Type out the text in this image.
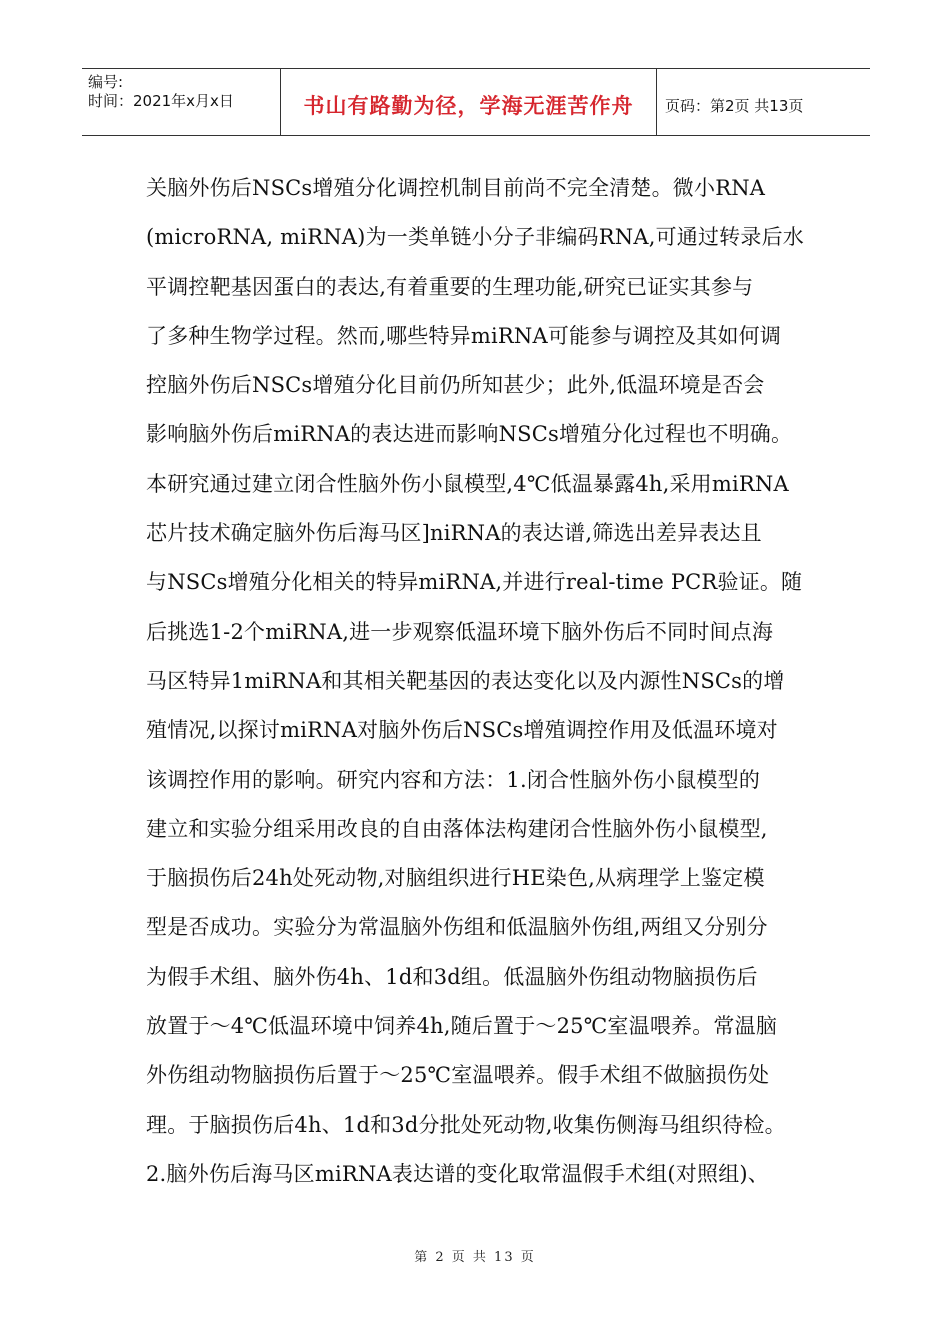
编号:
时间：2021年x月x日	书山有路勤为径，学海无涯苦作舟	页码：第2页 共13页
关脑外伤后NSCs增殖分化调控机制目前尚不完全清楚。微小RNA
(microRNA, miRNA)为一类单链小分子非编码RNA,可通过转录后水
平调控靶基因蛋白的表达,有着重要的生理功能,研究已证实其参与
了多种生物学过程。然而,哪些特异miRNA可能参与调控及其如何调
控脑外伤后NSCs增殖分化目前仍所知甚少；此外,低温环境是否会
影响脑外伤后miRNA的表达进而影响NSCs增殖分化过程也不明确。
本研究通过建立闭合性脑外伤小鼠模型,4℃低温暴露4h,采用miRNA
芯片技术确定脑外伤后海马区]niRNA的表达谱,筛选出差异表达且
与NSCs增殖分化相关的特异miRNA,并进行real-time PCR验证。随
后挑选1-2个miRNA,进一步观察低温环境下脑外伤后不同时间点海
马区特异1miRNA和其相关靶基因的表达变化以及内源性NSCs的增
殖情况,以探讨miRNA对脑外伤后NSCs增殖调控作用及低温环境对
该调控作用的影响。研究内容和方法：1.闭合性脑外伤小鼠模型的
建立和实验分组采用改良的自由落体法构建闭合性脑外伤小鼠模型,
于脑损伤后24h处死动物,对脑组织进行HE染色,从病理学上鉴定模
型是否成功。实验分为常温脑外伤组和低温脑外伤组,两组又分别分
为假手术组、脑外伤4h、1d和3d组。低温脑外伤组动物脑损伤后
放置于～4℃低温环境中饲养4h,随后置于～25℃室温喂养。常温脑
外伤组动物脑损伤后置于～25℃室温喂养。假手术组不做脑损伤处
理。于脑损伤后4h、1d和3d分批处死动物,收集伤侧海马组织待检。
2.脑外伤后海马区miRNA表达谱的变化取常温假手术组(对照组)、
第 2 页 共 13 页
